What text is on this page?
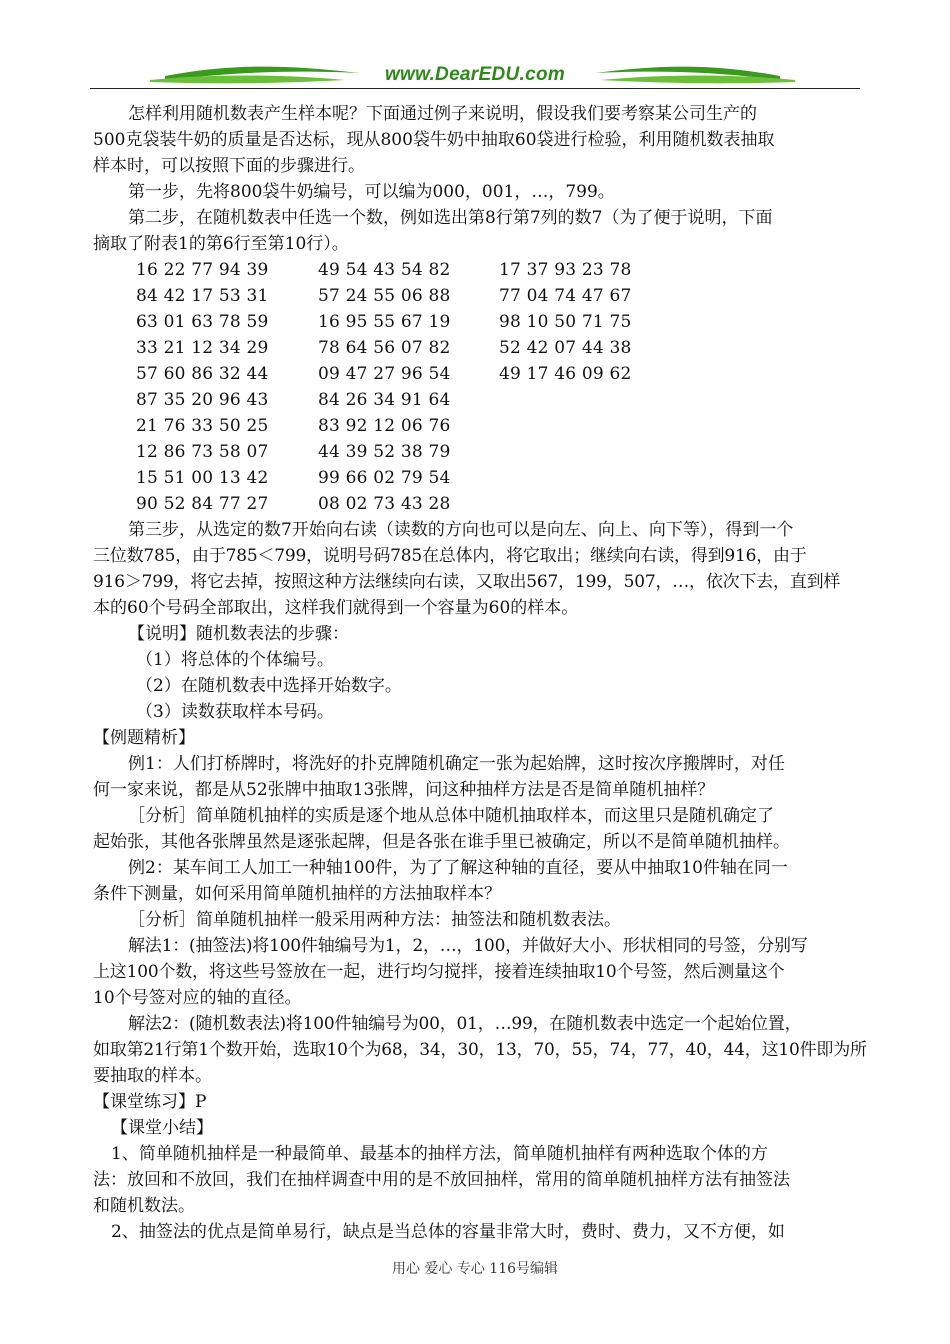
www.DearEDU.com
怎样利用随机数表产生样本呢？下面通过例子来说明，假设我们要考察某公司生产的
500克袋装牛奶的质量是否达标，现从800袋牛奶中抽取60袋进行检验，利用随机数表抽取
样本时，可以按照下面的步骤进行。
第一步，先将800袋牛奶编号，可以编为000，001，…，799。
第二步，在随机数表中任选一个数，例如选出第8行第7列的数7（为了便于说明，下面
摘取了附表1的第6行至第10行）。
16 22 77 94 39	49 54 43 54 82	17 37 93 23 78
84 42 17 53 31	57 24 55 06 88	77 04 74 47 67
63 01 63 78 59	16 95 55 67 19	98 10 50 71 75
33 21 12 34 29	78 64 56 07 82	52 42 07 44 38
57 60 86 32 44	09 47 27 96 54	49 17 46 09 62
87 35 20 96 43	84 26 34 91 64
21 76 33 50 25	83 92 12 06 76
12 86 73 58 07	44 39 52 38 79
15 51 00 13 42	99 66 02 79 54
90 52 84 77 27	08 02 73 43 28
第三步，从选定的数7开始向右读（读数的方向也可以是向左、向上、向下等），得到一个
三位数785，由于785＜799，说明号码785在总体内，将它取出；继续向右读，得到916，由于
916＞799，将它去掉，按照这种方法继续向右读，又取出567，199，507，…，依次下去，直到样
本的60个号码全部取出，这样我们就得到一个容量为60的样本。
【说明】随机数表法的步骤：
（1）将总体的个体编号。
（2）在随机数表中选择开始数字。
（3）读数获取样本号码。
【例题精析】
例1：人们打桥牌时，将洗好的扑克牌随机确定一张为起始牌，这时按次序搬牌时，对任
何一家来说，都是从52张牌中抽取13张牌，问这种抽样方法是否是简单随机抽样？
［分析］简单随机抽样的实质是逐个地从总体中随机抽取样本，而这里只是随机确定了
起始张，其他各张牌虽然是逐张起牌，但是各张在谁手里已被确定，所以不是简单随机抽样。
例2：某车间工人加工一种轴100件，为了了解这种轴的直径，要从中抽取10件轴在同一
条件下测量，如何采用简单随机抽样的方法抽取样本？
［分析］简单随机抽样一般采用两种方法：抽签法和随机数表法。
解法1：(抽签法)将100件轴编号为1，2，…，100，并做好大小、形状相同的号签，分别写
上这100个数，将这些号签放在一起，进行均匀搅拌，接着连续抽取10个号签，然后测量这个
10个号签对应的轴的直径。
解法2：(随机数表法)将100件轴编号为00，01，…99，在随机数表中选定一个起始位置，
如取第21行第1个数开始，选取10个为68，34，30，13，70，55，74，77，40，44，这10件即为所
要抽取的样本。
【课堂练习】P
【课堂小结】
1、简单随机抽样是一种最简单、最基本的抽样方法，简单随机抽样有两种选取个体的方
法：放回和不放回，我们在抽样调查中用的是不放回抽样，常用的简单随机抽样方法有抽签法
和随机数法。
2、抽签法的优点是简单易行，缺点是当总体的容量非常大时，费时、费力，又不方便，如
用心 爱心 专心 116号编辑
